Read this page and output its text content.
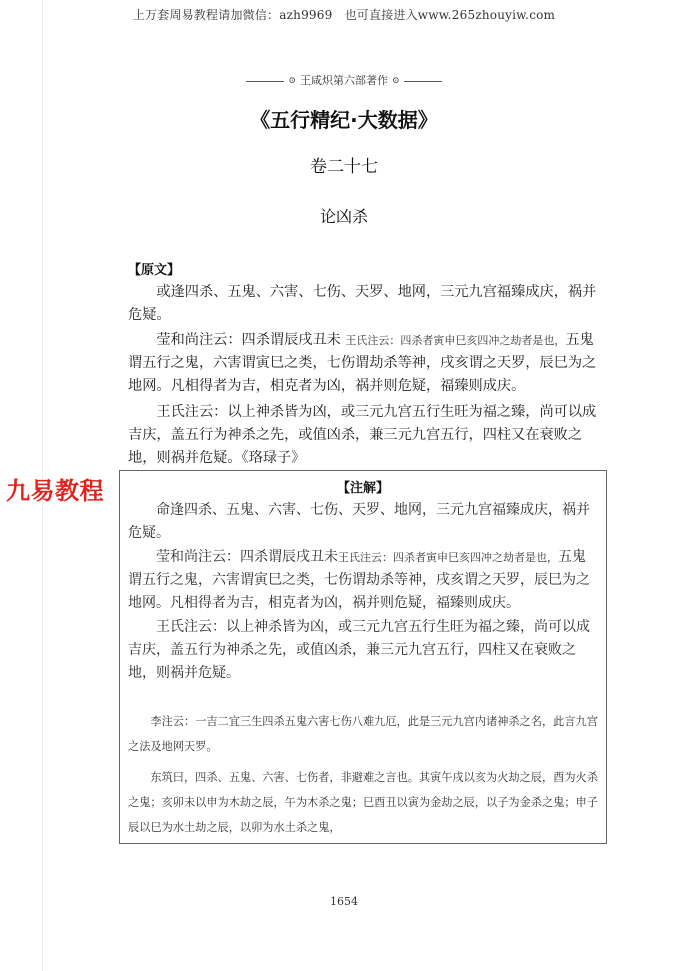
上万套周易教程请加微信：azh9969　也可直接进入www.265zhouyiw.com
⊙ 王咸炽第六部著作 ⊙
《五行精纪·大数据》
卷二十七
论凶杀
【原文】

或逢四杀、五鬼、六害、七伤、天罗、地网，三元九宫福臻成庆，祸并危疑。

莹和尚注云：四杀谓辰戌丑未 王氏注云：四杀者寅申巳亥四冲之劫者是也，五鬼谓五行之鬼，六害谓寅巳之类，七伤谓劫杀等神，戌亥谓之天罗，辰巳为之地网。凡相得者为吉，相克者为凶，祸并则危疑，福臻则成庆。

王氏注云：以上神杀皆为凶，或三元九宫五行生旺为福之臻，尚可以成吉庆，盖五行为神杀之先，或值凶杀，兼三元九宫五行，四柱又在衰败之地，则祸并危疑。《珞琭子》

九易教程	【注解】

命逢四杀、五鬼、六害、七伤、天罗、地网，三元九宫福臻成庆，祸并危疑。

莹和尚注云：四杀谓辰戌丑未王氏注云：四杀者寅申巳亥四冲之劫者是也，五鬼谓五行之鬼，六害谓寅巳之类，七伤谓劫杀等神，戌亥谓之天罗，辰巳为之地网。凡相得者为吉，相克者为凶，祸并则危疑，福臻则成庆。

王氏注云：以上神杀皆为凶，或三元九宫五行生旺为福之臻，尚可以成吉庆，盖五行为神杀之先，或值凶杀，兼三元九宫五行，四柱又在衰败之地，则祸并危疑。

李注云：一吉二宜三生四杀五鬼六害七伤八难九厄，此是三元九宫内诸神杀之名，此言九宫之法及地网天罗。

东筑曰，四杀、五鬼、六害、七伤者，非避难之言也。其寅午戌以亥为火劫之辰，酉为火杀之鬼；亥卯未以申为木劫之辰，午为木杀之鬼；巳酉丑以寅为金劫之辰，以子为金杀之鬼；申子辰以巳为水土劫之辰，以卯为水土杀之鬼，

1654
